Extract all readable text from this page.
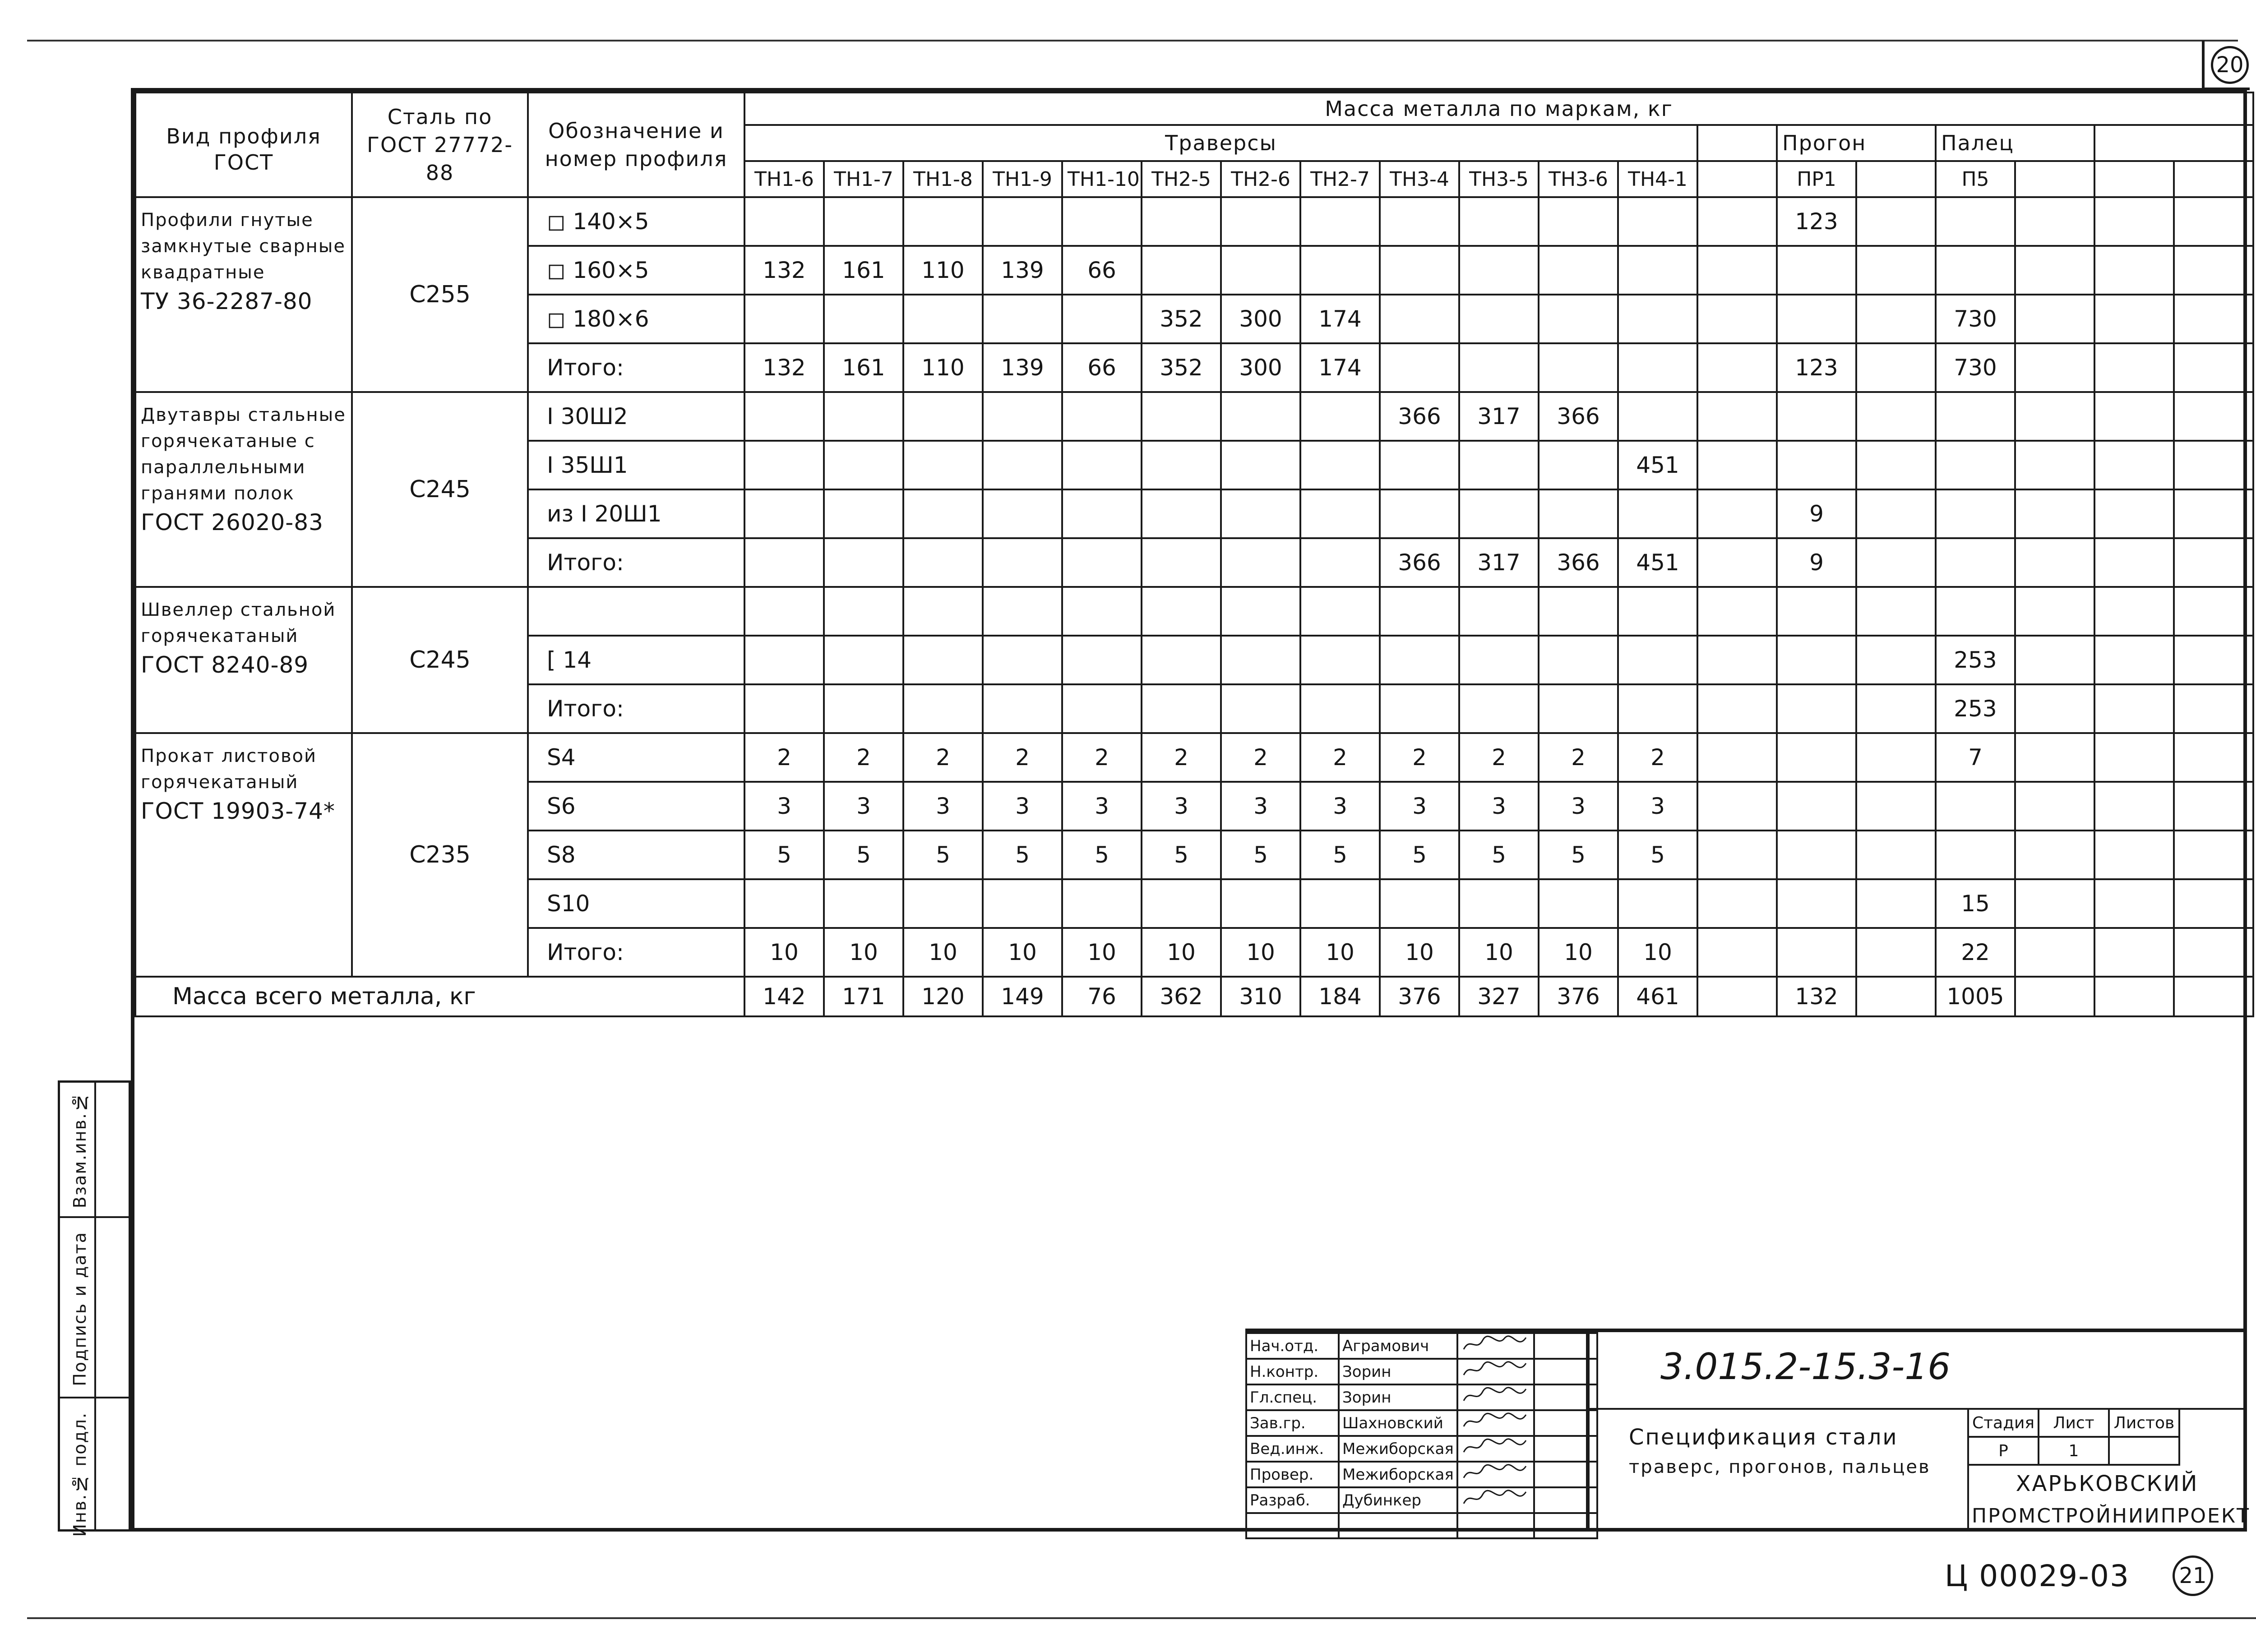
20
Вид профиля ГОСТ	Сталь по ГОСТ 27772-88	Обозначение и номер профиля	Масса металла по маркам, кг																		
			Траверсы													Прогон		Палец			
			ТН1-6	ТН1-7	ТН1-8	ТН1-9	ТН1-10	ТН2-5	ТН2-6	ТН2-7	ТН3-4	ТН3-5	ТН3-6	ТН4-1		ПР1		П5			
Профили гнутые замкнутые сварные квадратные
ТУ 36-2287-80	С255	◻ 140×5														123					
		◻ 160×5	132	161	110	139	66														
		◻ 180×6						352	300	174								730			
		Итого:	132	161	110	139	66	352	300	174						123		730			
Двутавры стальные горячекатаные с параллельными гранями полок
ГОСТ 26020-83	С245	I 30Ш2									366	317	366								
		I 35Ш1												451							
		из I 20Ш1														9					
		Итого:									366	317	366	451		9					
Швеллер стальной горячекатаный
ГОСТ 8240-89	С245																				
		[ 14																253			
		Итого:																253			
Прокат листовой горячекатаный
ГОСТ 19903-74*	С235	S4	2	2	2	2	2	2	2	2	2	2	2	2				7			
		S6	3	3	3	3	3	3	3	3	3	3	3	3							
		S8	5	5	5	5	5	5	5	5	5	5	5	5							
		S10																15			
		Итого:	10	10	10	10	10	10	10	10	10	10	10	10				22			
Масса всего металла, кг			142	171	120	149	76	362	310	184	376	327	376	461		132		1005			
Взам.инв.№
Подпись и дата
Инв.№ подл.
Нач.отд.	Аграмович		
Н.контр.	Зорин		
Гл.спец.	Зорин		
Зав.гр.	Шахновский		
Вед.инж.	Межиборская		
Провер.	Межиборская		
Разраб.	Дубинкер		

3.015.2-15.3-16
Спецификация стали
траверс, прогонов, пальцев
Стадия	Лист	Листов
Р	1	
ХАРЬКОВСКИЙ
ПРОМСТРОЙНИИПРОЕКТ
Ц 00029-03 21
